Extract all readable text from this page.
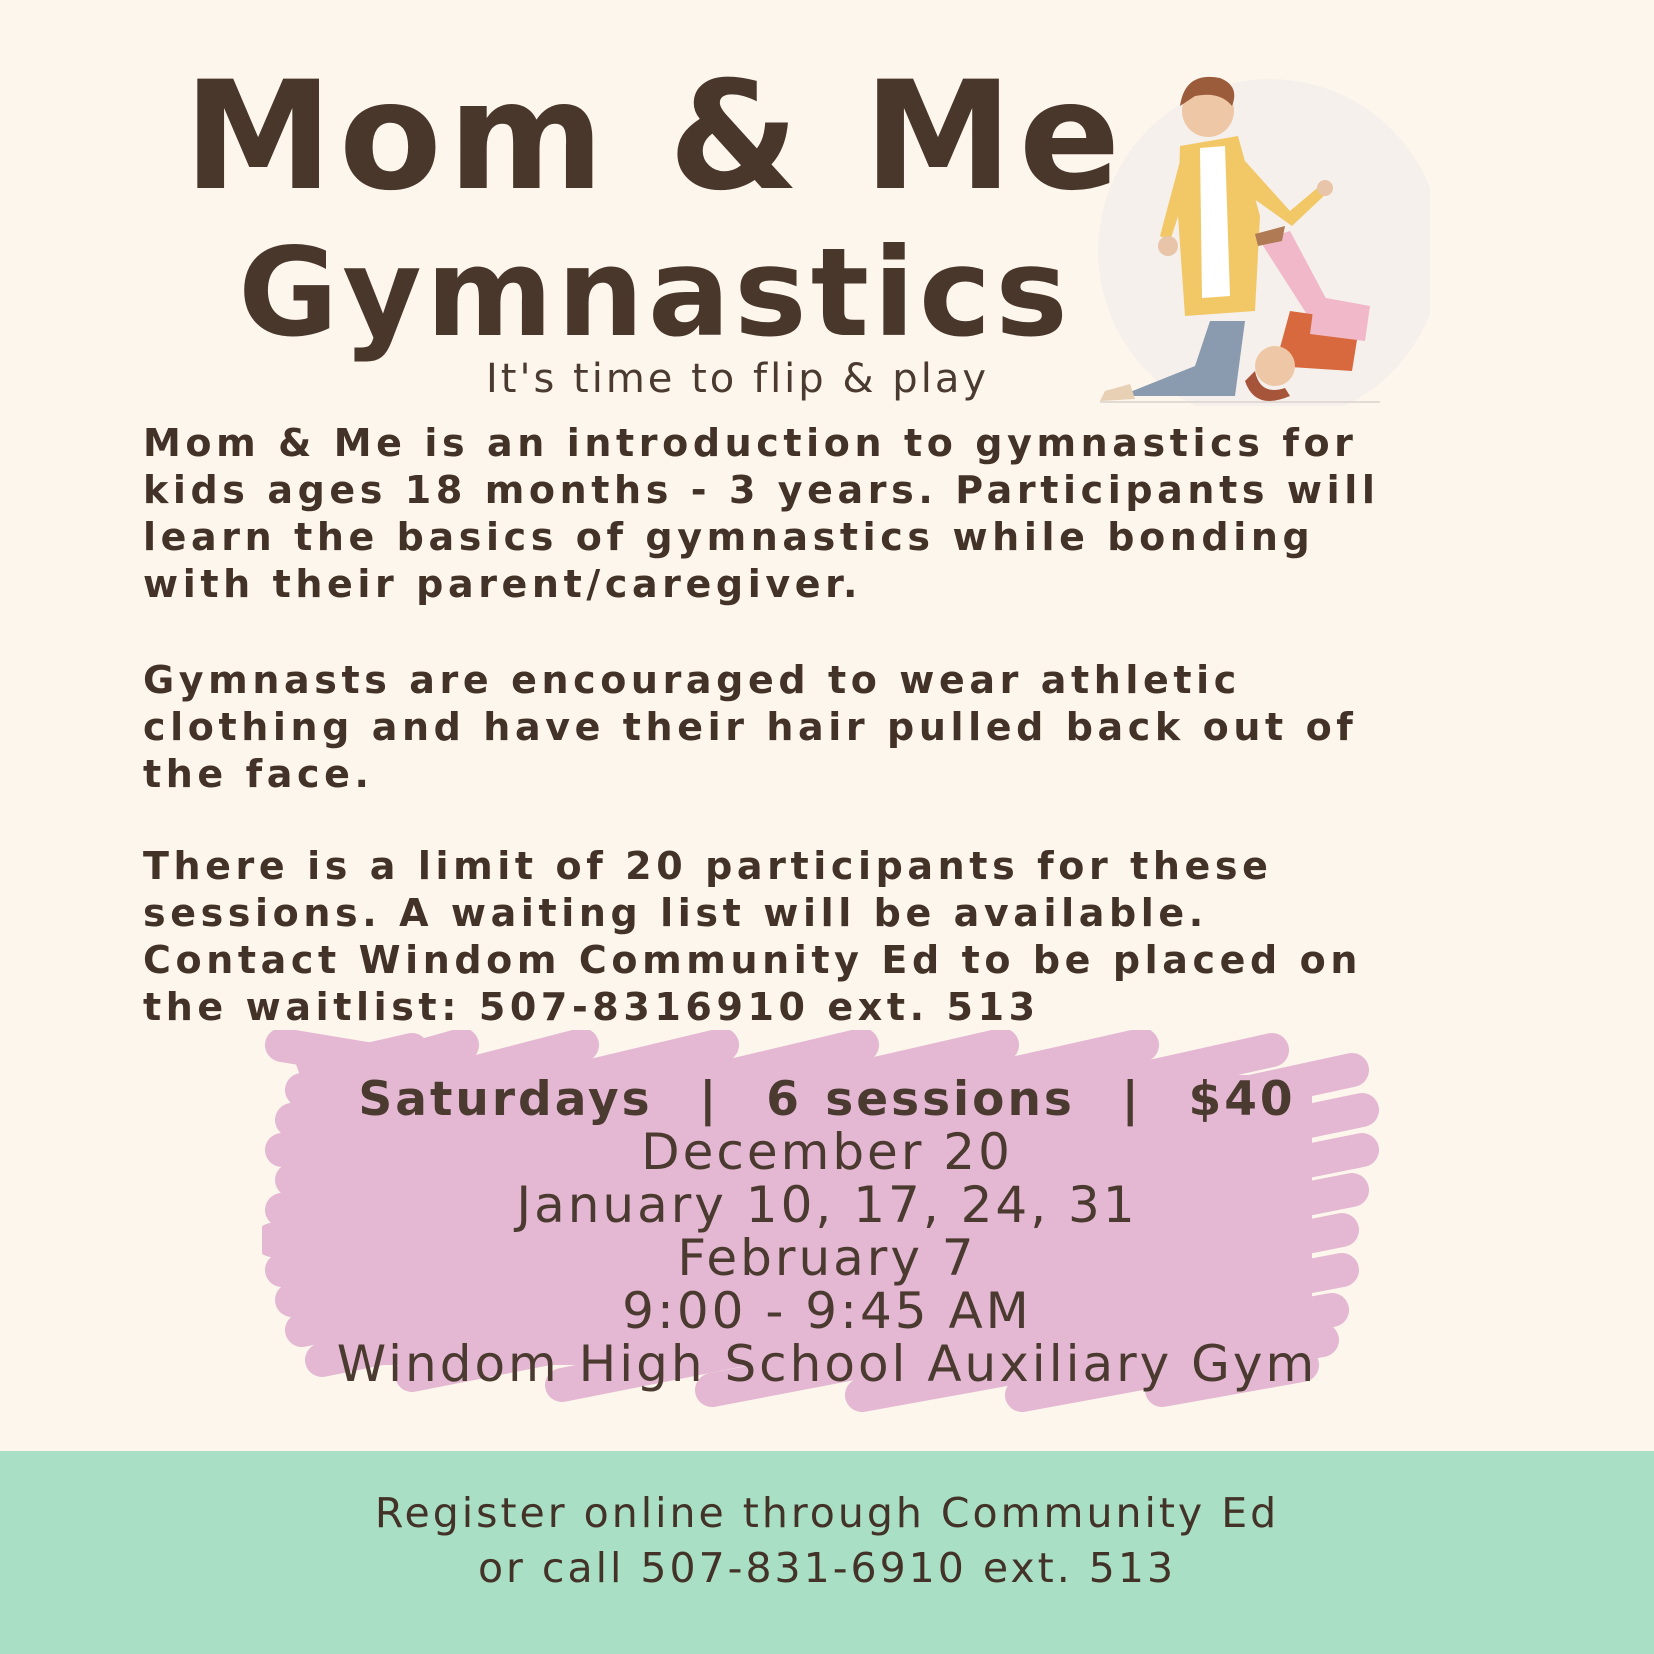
Mom & Me
Gymnastics
It's time to flip & play
Mom & Me is an introduction to gymnastics for
kids ages 18 months - 3 years. Participants will
learn the basics of gymnastics while bonding
with their parent/caregiver.
Gymnasts are encouraged to wear athletic
clothing and have their hair pulled back out of
the face.
There is a limit of 20 participants for these
sessions. A waiting list will be available.
Contact Windom Community Ed to be placed on
the waitlist: 507-8316910 ext. 513
Saturdays  |  6 sessions  |  $40
December 20
January 10, 17, 24, 31
February 7
9:00 - 9:45 AM
Windom High School Auxiliary Gym
Register online through Community Ed
or call 507-831-6910 ext. 513
